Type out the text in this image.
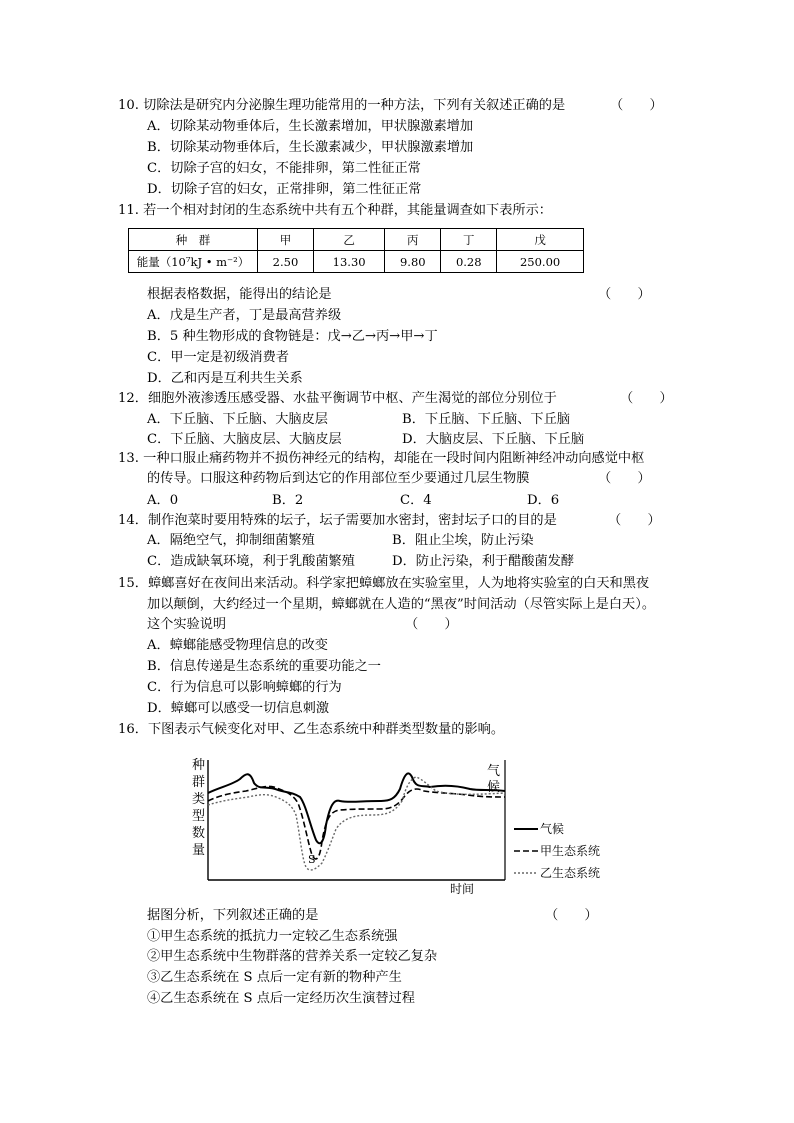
10. 切除法是研究内分泌腺生理功能常用的一种方法，下列有关叙述正确的是	（　　）
A．切除某动物垂体后，生长激素增加，甲状腺激素增加
B．切除某动物垂体后，生长激素减少，甲状腺激素增加
C．切除子宫的妇女，不能排卵，第二性征正常
D．切除子宫的妇女，正常排卵，第二性征正常
11. 若一个相对封闭的生态系统中共有五个种群，其能量调查如下表所示：
种　群	甲	乙	丙	丁	戊
能量（10⁷kJ • m⁻²）	2.50	13.30	9.80	0.28	250.00
根据表格数据，能得出的结论是	（　　）
A．戊是生产者，丁是最高营养级
B．5 种生物形成的食物链是：戊→乙→丙→甲→丁
C．甲一定是初级消费者
D．乙和丙是互利共生关系
12．细胞外液渗透压感受器、水盐平衡调节中枢、产生渴觉的部位分别位于	（　　）
A．下丘脑、下丘脑、大脑皮层	B．下丘脑、下丘脑、下丘脑
C．下丘脑、大脑皮层、大脑皮层	D．大脑皮层、下丘脑、下丘脑
13. 一种口服止痛药物并不损伤神经元的结构，却能在一段时间内阻断神经冲动向感觉中枢
的传导。口服这种药物后到达它的作用部位至少要通过几层生物膜	（　　）
A．0	B．2	C．4	D．6
14．制作泡菜时要用特殊的坛子，坛子需要加水密封，密封坛子口的目的是	（　　）
A．隔绝空气，抑制细菌繁殖	B．阻止尘埃，防止污染
C．造成缺氧环境，利于乳酸菌繁殖	D．防止污染，利于醋酸菌发酵
15．蟑螂喜好在夜间出来活动。科学家把蟑螂放在实验室里，人为地将实验室的白天和黑夜
加以颠倒，大约经过一个星期，蟑螂就在人造的“黑夜”时间活动（尽管实际上是白天）。
这个实验说明	（　　）
A．蟑螂能感受物理信息的改变
B．信息传递是生态系统的重要功能之一
C．行为信息可以影响蟑螂的行为
D．蟑螂可以感受一切信息刺激
16．下图表示气候变化对甲、乙生态系统中种群类型数量的影响。
种
群
类
型
数
量
气
候
时间
S
气候
甲生态系统
乙生态系统
据图分析，下列叙述正确的是	（　　）
①甲生态系统的抵抗力一定较乙生态系统强
②甲生态系统中生物群落的营养关系一定较乙复杂
③乙生态系统在 S 点后一定有新的物种产生
④乙生态系统在 S 点后一定经历次生演替过程
